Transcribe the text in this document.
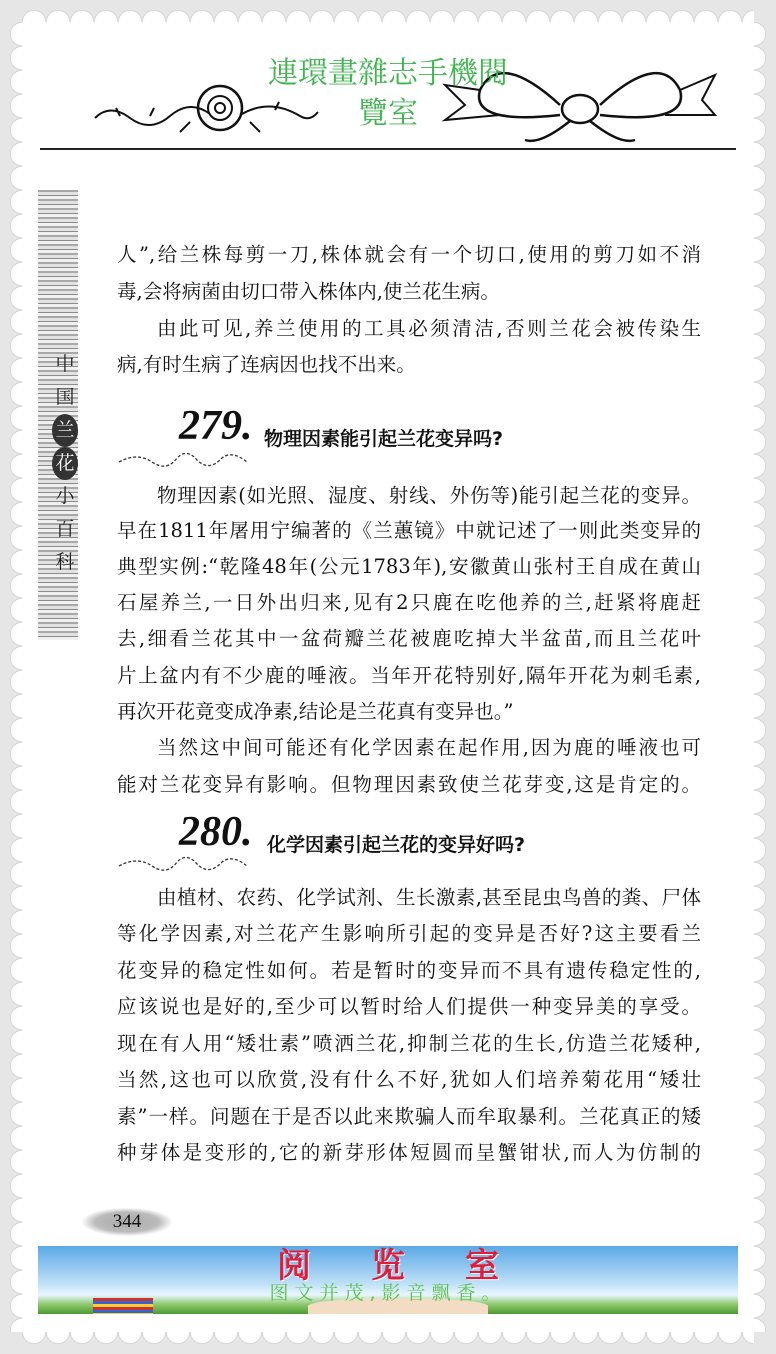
連環畫雜志手機閱
覽室
中
国
兰
花
小
百
科
人”,给兰株每剪一刀,株体就会有一个切口,使用的剪刀如不消
毒,会将病菌由切口带入株体内,使兰花生病。
由此可见,养兰使用的工具必须清洁,否则兰花会被传染生
病,有时生病了连病因也找不出来。
279. 物理因素能引起兰花变异吗?
物理因素(如光照、湿度、射线、外伤等)能引起兰花的变异。
早在1811年屠用宁编著的《兰蕙镜》中就记述了一则此类变异的
典型实例:“乾隆48年(公元1783年),安徽黄山张村王自成在黄山
石屋养兰,一日外出归来,见有2只鹿在吃他养的兰,赶紧将鹿赶
去,细看兰花其中一盆荷瓣兰花被鹿吃掉大半盆苗,而且兰花叶
片上盆内有不少鹿的唾液。当年开花特别好,隔年开花为刺毛素,
再次开花竟变成净素,结论是兰花真有变异也。”
当然这中间可能还有化学因素在起作用,因为鹿的唾液也可
能对兰花变异有影响。但物理因素致使兰花芽变,这是肯定的。
280. 化学因素引起兰花的变异好吗?
由植材、农药、化学试剂、生长激素,甚至昆虫鸟兽的粪、尸体
等化学因素,对兰花产生影响所引起的变异是否好?这主要看兰
花变异的稳定性如何。若是暂时的变异而不具有遗传稳定性的,
应该说也是好的,至少可以暂时给人们提供一种变异美的享受。
现在有人用“矮壮素”喷洒兰花,抑制兰花的生长,仿造兰花矮种,
当然,这也可以欣赏,没有什么不好,犹如人们培养菊花用“矮壮
素”一样。问题在于是否以此来欺骗人而牟取暴利。兰花真正的矮
种芽体是变形的,它的新芽形体短圆而呈蟹钳状,而人为仿制的
344
阅览室
图文并茂,影音飘香。
